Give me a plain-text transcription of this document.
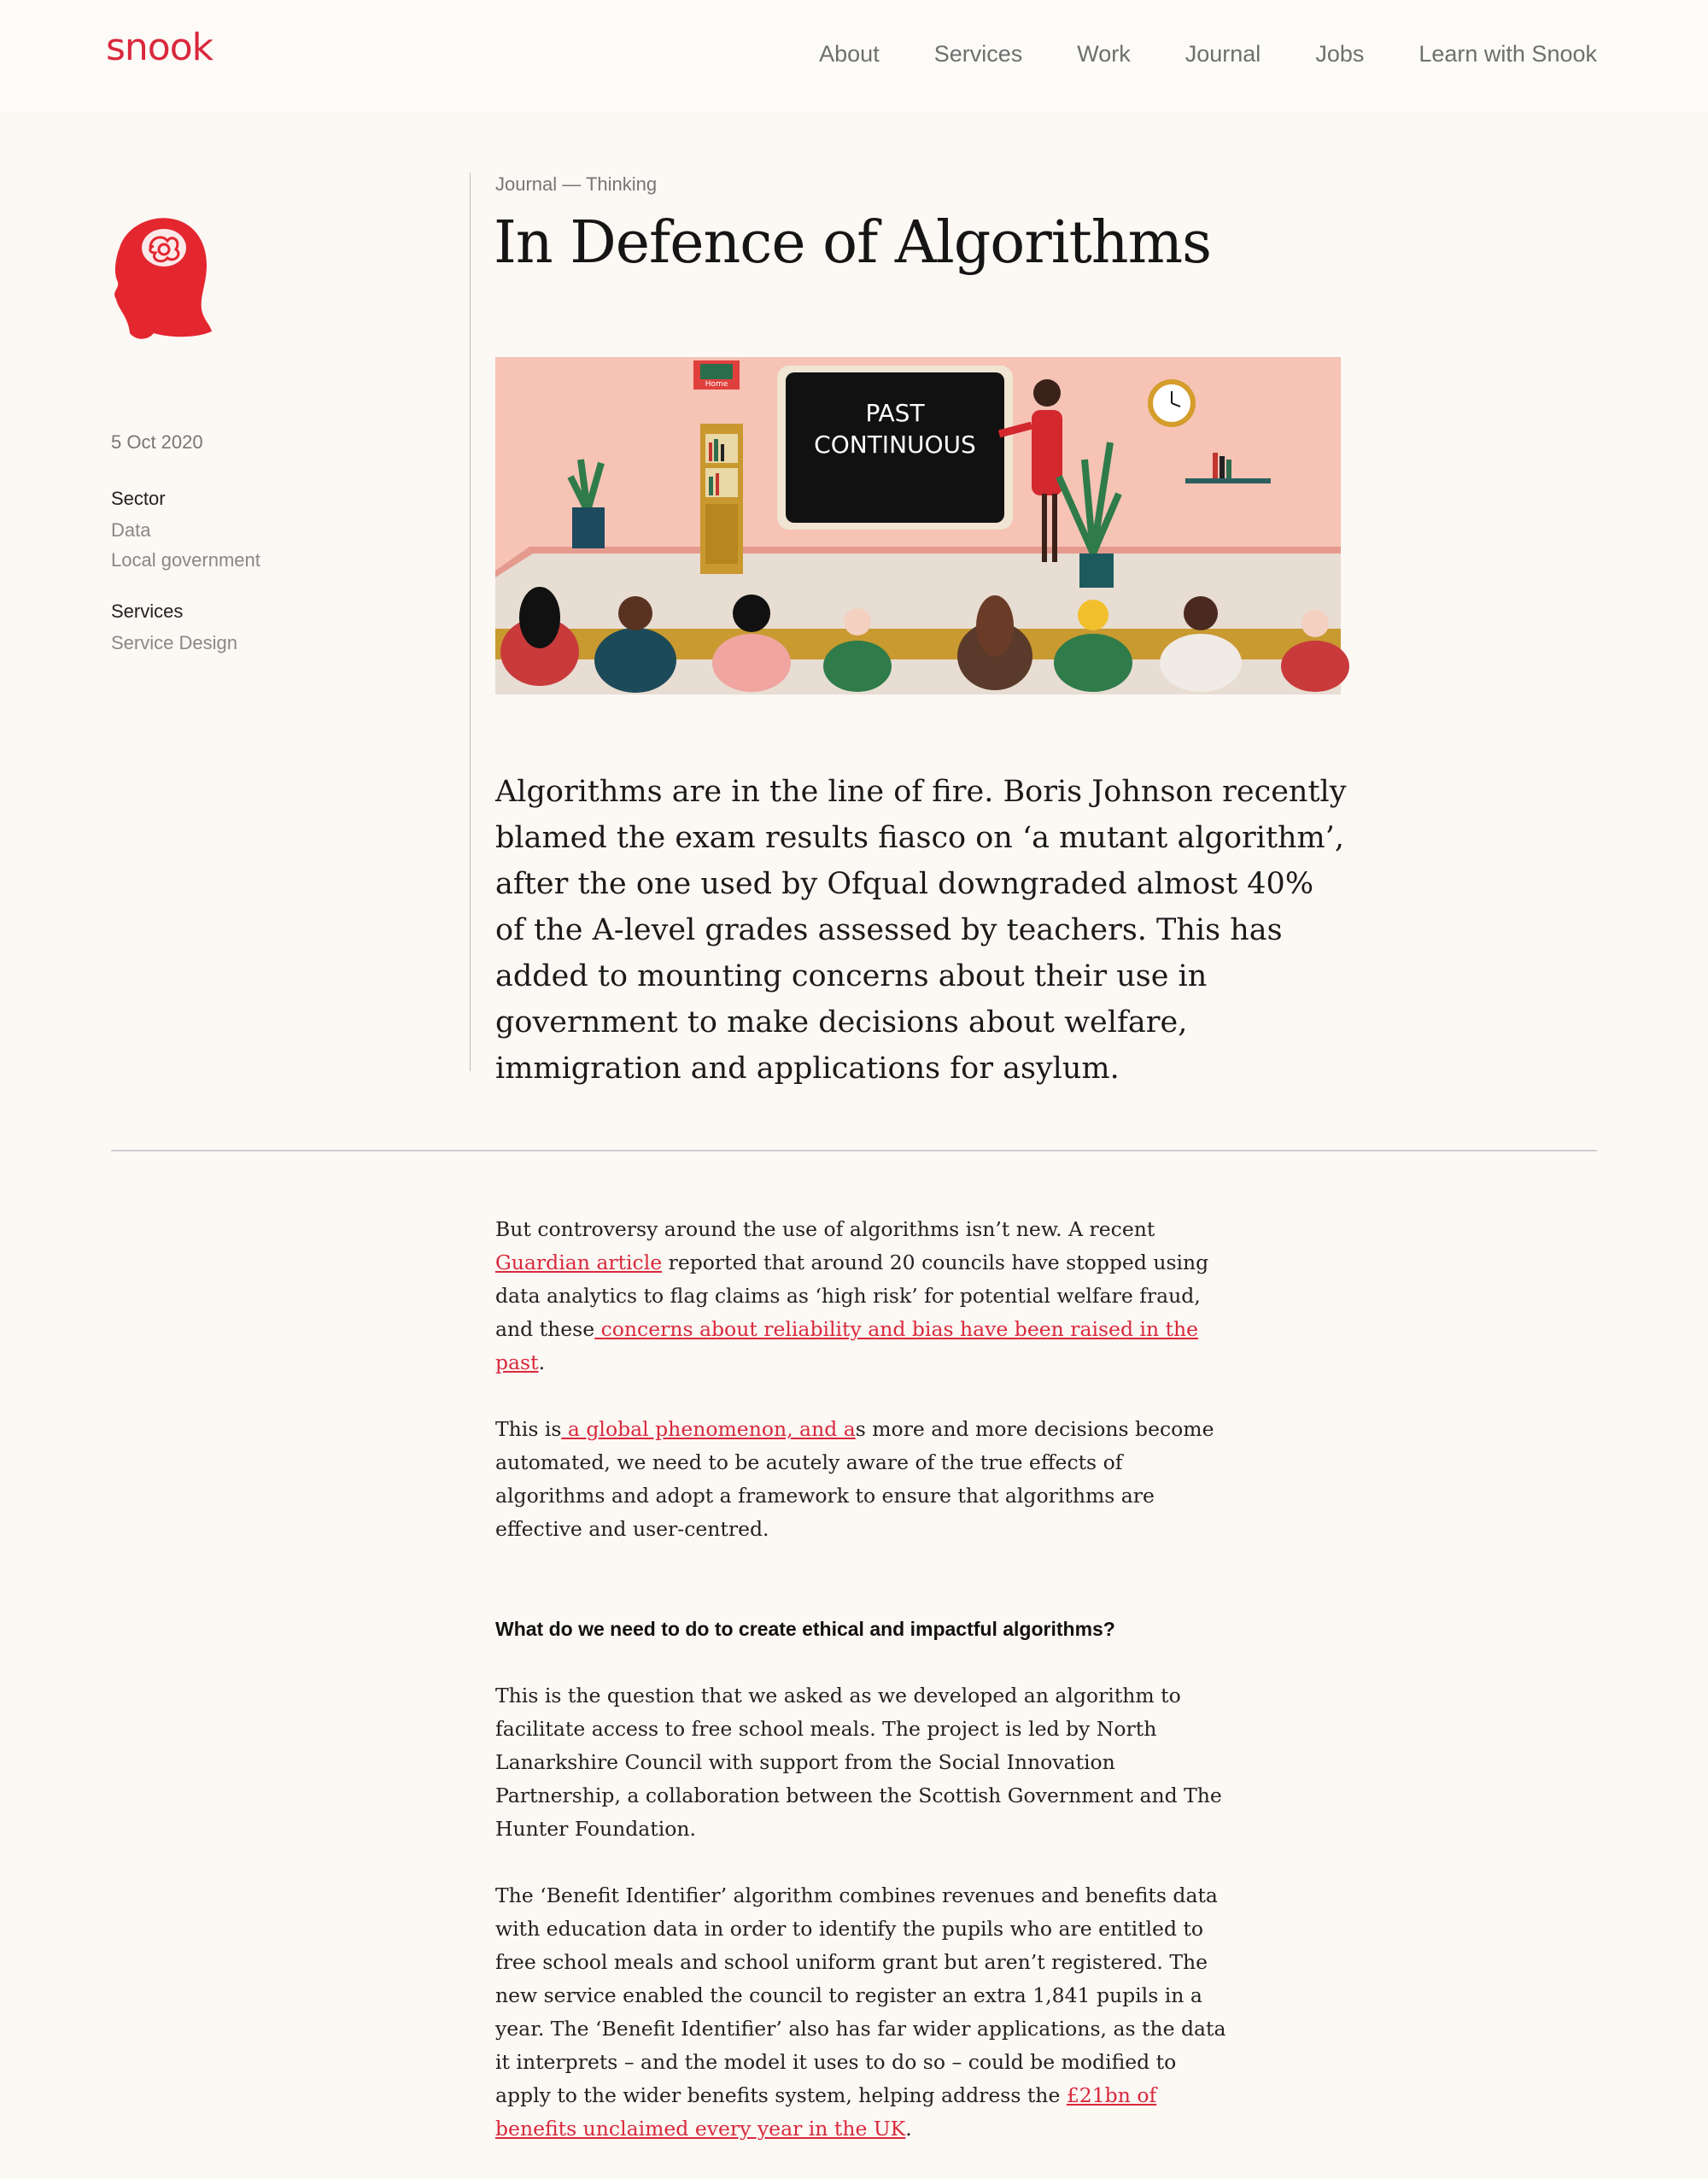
snook	About Services Work Journal Jobs Learn with Snook
5 Oct 2020
Sector
Data
Local government
Services
Service Design
Journal — Thinking
In Defence of Algorithms
Home
PAST
CONTINUOUS

Algorithms are in the line of fire. Boris Johnson recently blamed the exam results fiasco on ‘a mutant algorithm’, after the one used by Ofqual downgraded almost 40% of the A-level grades assessed by teachers. This has added to mounting concerns about their use in government to make decisions about welfare, immigration and applications for asylum.

But controversy around the use of algorithms isn’t new. A recent Guardian article reported that around 20 councils have stopped using data analytics to flag claims as ‘high risk’ for potential welfare fraud, and these concerns about reliability and bias have been raised in the past.

This is a global phenomenon, and as more and more decisions become automated, we need to be acutely aware of the true effects of algorithms and adopt a framework to ensure that algorithms are effective and user-centred.

What do we need to do to create ethical and impactful algorithms?

This is the question that we asked as we developed an algorithm to facilitate access to free school meals. The project is led by North Lanarkshire Council with support from the Social Innovation Partnership, a collaboration between the Scottish Government and The Hunter Foundation.

The ‘Benefit Identifier’ algorithm combines revenues and benefits data with education data in order to identify the pupils who are entitled to free school meals and school uniform grant but aren’t registered. The new service enabled the council to register an extra 1,841 pupils in a year. The ‘Benefit Identifier’ also has far wider applications, as the data it interprets – and the model it uses to do so – could be modified to apply to the wider benefits system, helping address the £21bn of benefits unclaimed every year in the UK.
